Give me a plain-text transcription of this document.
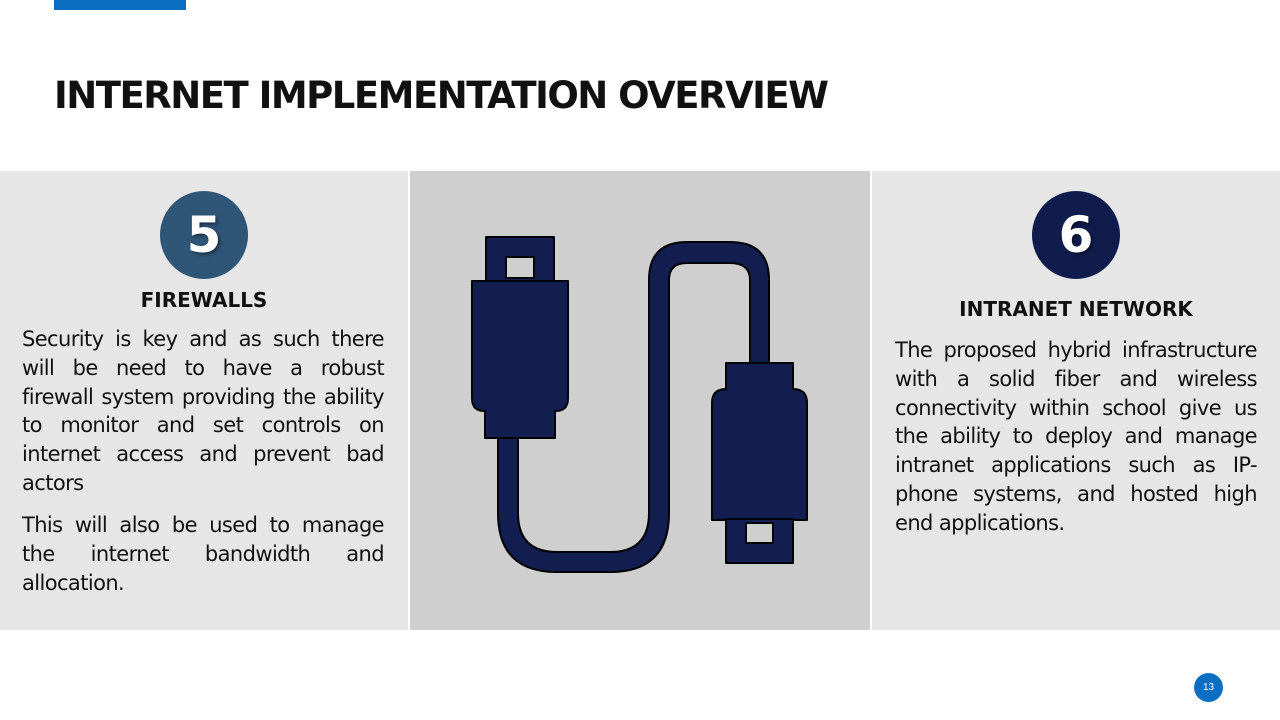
INTERNET IMPLEMENTATION OVERVIEW
5
FIREWALLS

Security is key and as such there will be need to have a robust firewall system providing the ability to monitor and set controls on internet access and prevent bad actors

This will also be used to manage the internet bandwidth and allocation.

6
INTRANET NETWORK

The proposed hybrid infrastructure with a solid fiber and wireless connectivity within school give us the ability to deploy and manage intranet applications such as IP-phone systems, and hosted high end applications.

13
